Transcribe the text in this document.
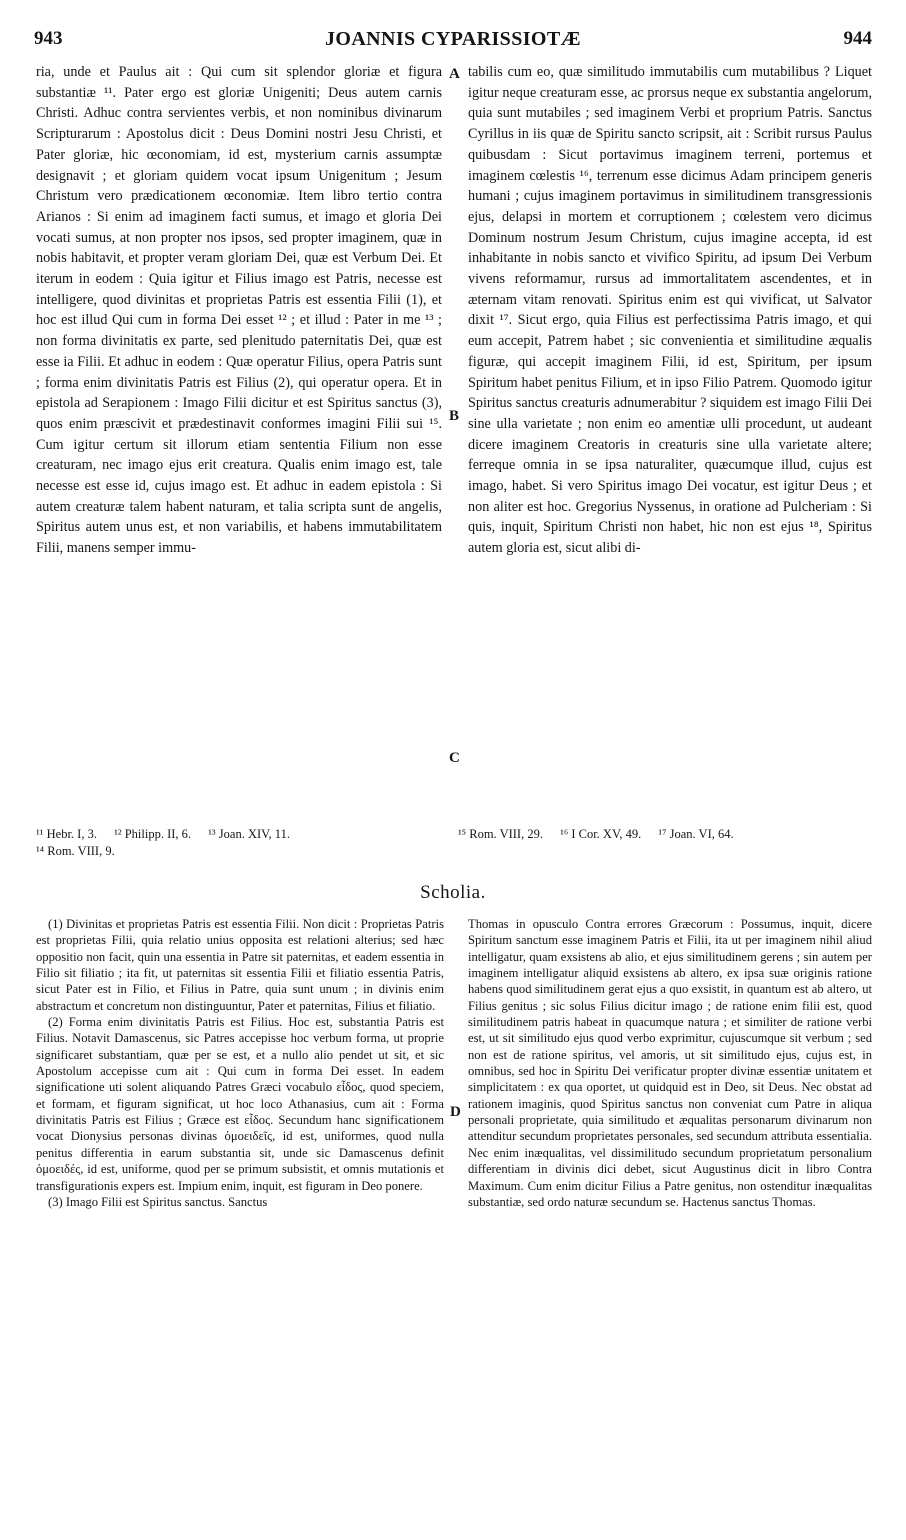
943	JOANNIS CYPARISSIOTÆ	944

ria, unde et Paulus ait : Qui cum sit splendor gloriæ et figura substantiæ ¹¹. Pater ergo est gloriæ Unigeniti; Deus autem carnis Christi. Adhuc contra servientes verbis, et non nominibus divinarum Scripturarum : Apostolus dicit : Deus Domini nostri Jesu Christi, et Pater gloriæ, hic œconomiam, id est, mysterium carnis assumptæ designavit ; et gloriam quidem vocat ipsum Unigenitum ; Jesum Christum vero prædicationem œconomiæ. Item libro tertio contra Arianos : Si enim ad imaginem facti sumus, et imago et gloria Dei vocati sumus, at non propter nos ipsos, sed propter imaginem, quæ in nobis habitavit, et propter veram gloriam Dei, quæ est Verbum Dei. Et iterum in eodem : Quia igitur et Filius imago est Patris, necesse est intelligere, quod divinitas et proprietas Patris est essentia Filii (1), et hoc est illud Qui cum in forma Dei esset ¹² ; et illud : Pater in me ¹³ ; non forma divinitatis ex parte, sed plenitudo paternitatis Dei, quæ est esse ia Filii. Et adhuc in eodem : Quæ operatur Filius, opera Patris sunt ; forma enim divinitatis Patris est Filius (2), qui operatur opera. Et in epistola ad Serapionem : Imago Filii dicitur et est Spiritus sanctus (3), quos enim præscivit et prædestinavit conformes imagini Filii sui ¹⁵. Cum igitur certum sit illorum etiam sententia Filium non esse creaturam, nec imago ejus erit creatura. Qualis enim imago est, tale necesse est esse id, cujus imago est. Et adhuc in eadem epistola : Si autem creaturæ talem habent naturam, et talia scripta sunt de angelis, Spiritus autem unus est, et non variabilis, et habens immutabilitatem Filii, manens semper immu-

A
B
C

tabilis cum eo, quæ similitudo immutabilis cum mutabilibus ? Liquet igitur neque creaturam esse, ac prorsus neque ex substantia angelorum, quia sunt mutabiles ; sed imaginem Verbi et proprium Patris. Sanctus Cyrillus in iis quæ de Spiritu sancto scripsit, ait : Scribit rursus Paulus quibusdam : Sicut portavimus imaginem terreni, portemus et imaginem cœlestis ¹⁶, terrenum esse dicimus Adam principem generis humani ; cujus imaginem portavimus in similitudinem transgressionis ejus, delapsi in mortem et corruptionem ; cœlestem vero dicimus Dominum nostrum Jesum Christum, cujus imagine accepta, id est inhabitante in nobis sancto et vivifico Spiritu, ad ipsum Dei Verbum vivens reformamur, rursus ad immortalitatem ascendentes, et in æternam vitam renovati. Spiritus enim est qui vivificat, ut Salvator dixit ¹⁷. Sicut ergo, quia Filius est perfectissima Patris imago, et qui eum accepit, Patrem habet ; sic convenientia et similitudine æqualis figuræ, qui accepit imaginem Filii, id est, Spiritum, per ipsum Spiritum habet penitus Filium, et in ipso Filio Patrem. Quomodo igitur Spiritus sanctus creaturis adnumerabitur ? siquidem est imago Filii Dei sine ulla varietate ; non enim eo amentiæ ulli procedunt, ut audeant dicere imaginem Creatoris in creaturis sine ulla varietate altere; ferreque omnia in se ipsa naturaliter, quæcumque illud, cujus est imago, habet. Si vero Spiritus imago Dei vocatur, est igitur Deus ; et non aliter est hoc. Gregorius Nyssenus, in oratione ad Pulcheriam : Si quis, inquit, Spiritum Christi non habet, hic non est ejus ¹⁸, Spiritus autem gloria est, sicut alibi di-

¹¹ Hebr. I, 3. ¹² Philipp. II, 6. ¹³ Joan. XIV, 11.
¹⁴ Rom. VIII, 9.
¹⁵ Rom. VIII, 29. ¹⁶ I Cor. XV, 49. ¹⁷ Joan. VI, 64.
Scholia.

(1) Divinitas et proprietas Patris est essentia Filii. Non dicit : Proprietas Patris est proprietas Filii, quia relatio unius opposita est relationi alterius; sed hæc oppositio non facit, quin una essentia in Patre sit paternitas, et eadem essentia in Filio sit filiatio ; ita fit, ut paternitas sit essentia Filii et filiatio essentia Patris, sicut Pater est in Filio, et Filius in Patre, quia sunt unum ; in divinis enim abstractum et concretum non distinguuntur, Pater et paternitas, Filius et filiatio.

(2) Forma enim divinitatis Patris est Filius. Hoc est, substantia Patris est Filius. Notavit Damascenus, sic Patres accepisse hoc verbum forma, ut proprie significaret substantiam, quæ per se est, et a nullo alio pendet ut sit, et sic Apostolum accepisse cum ait : Qui cum in forma Dei esset. In eadem significatione uti solent aliquando Patres Græci vocabulo εἶδος, quod speciem, et formam, et figuram significat, ut hoc loco Athanasius, cum ait : Forma divinitatis Patris est Filius ; Græce est εἶδος. Secundum hanc significationem vocat Dionysius personas divinas ὁμοειδεῖς, id est, uniformes, quod nulla penitus differentia in earum substantia sit, unde sic Damascenus definit ὁμοειδές, id est, uniforme, quod per se primum subsistit, et omnis mutationis et transfigurationis expers est. Impium enim, inquit, est figuram in Deo ponere.

(3) Imago Filii est Spiritus sanctus. Sanctus

D

Thomas in opusculo Contra errores Græcorum : Possumus, inquit, dicere Spiritum sanctum esse imaginem Patris et Filii, ita ut per imaginem nihil aliud intelligatur, quam exsistens ab alio, et ejus similitudinem gerens ; sin autem per imaginem intelligatur aliquid exsistens ab altero, ex ipsa suæ originis ratione habens quod similitudinem gerat ejus a quo exsistit, in quantum est ab altero, ut Filius genitus ; sic solus Filius dicitur imago ; de ratione enim filii est, quod similitudinem patris habeat in quacumque natura ; et similiter de ratione verbi est, ut sit similitudo ejus quod verbo exprimitur, cujuscumque sit verbum ; sed non est de ratione spiritus, vel amoris, ut sit similitudo ejus, cujus est, in omnibus, sed hoc in Spiritu Dei verificatur propter divinæ essentiæ unitatem et simplicitatem : ex qua oportet, ut quidquid est in Deo, sit Deus. Nec obstat ad rationem imaginis, quod Spiritus sanctus non conveniat cum Patre in aliqua personali proprietate, quia similitudo et æqualitas personarum divinarum non attenditur secundum proprietates personales, sed secundum attributa essentialia. Nec enim inæqualitas, vel dissimilitudo secundum proprietatum personalium differentiam in divinis dici debet, sicut Augustinus dicit in libro Contra Maximum. Cum enim dicitur Filius a Patre genitus, non ostenditur inæqualitas substantiæ, sed ordo naturæ secundum se. Hactenus sanctus Thomas.
